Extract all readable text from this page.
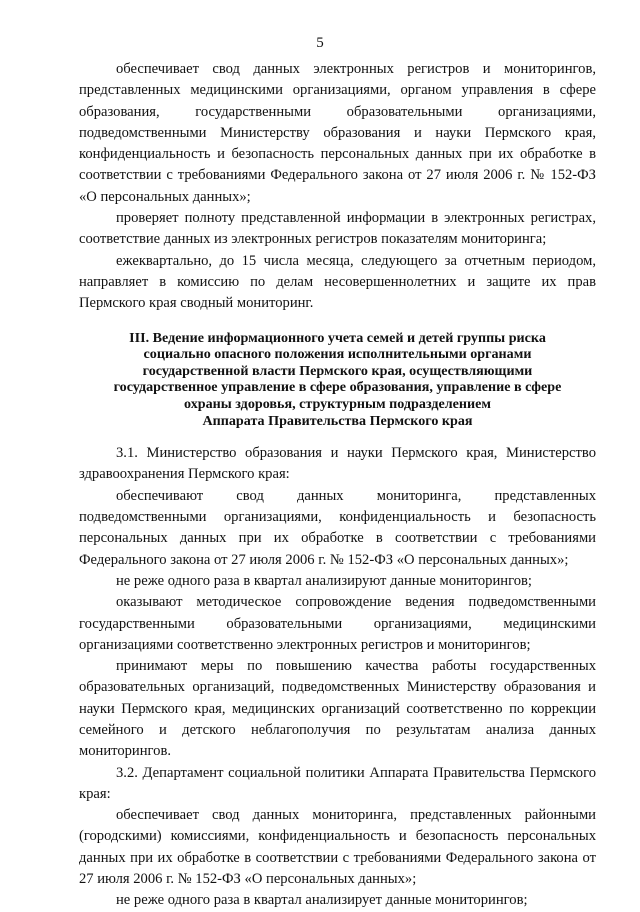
5

обеспечивает свод данных электронных регистров и мониторингов, представленных медицинскими организациями, органом управления в сфере образования, государственными образовательными организациями, подведомственными Министерству образования и науки Пермского края, конфиденциальность и безопасность персональных данных при их обработке в соответствии с требованиями Федерального закона от 27 июля 2006 г. № 152-ФЗ «О персональных данных»;

проверяет полноту представленной информации в электронных регистрах, соответствие данных из электронных регистров показателям мониторинга;

ежеквартально, до 15 числа месяца, следующего за отчетным периодом, направляет в комиссию по делам несовершеннолетних и защите их прав Пермского края сводный мониторинг.

III. Ведение информационного учета семей и детей группы риска
социально опасного положения исполнительными органами
государственной власти Пермского края, осуществляющими
государственное управление в сфере образования, управление в сфере
охраны здоровья, структурным подразделением
Аппарата Правительства Пермского края

3.1. Министерство образования и науки Пермского края, Министерство здравоохранения Пермского края:

обеспечивают свод данных мониторинга, представленных подведомственными организациями, конфиденциальность и безопасность персональных данных при их обработке в соответствии с требованиями Федерального закона от 27 июля 2006 г. № 152-ФЗ «О персональных данных»;

не реже одного раза в квартал анализируют данные мониторингов;

оказывают методическое сопровождение ведения подведомственными государственными образовательными организациями, медицинскими организациями соответственно электронных регистров и мониторингов;

принимают меры по повышению качества работы государственных образовательных организаций, подведомственных Министерству образования и науки Пермского края, медицинских организаций соответственно по коррекции семейного и детского неблагополучия по результатам анализа данных мониторингов.

3.2. Департамент социальной политики Аппарата Правительства Пермского края:

обеспечивает свод данных мониторинга, представленных районными (городскими) комиссиями, конфиденциальность и безопасность персональных данных при их обработке в соответствии с требованиями Федерального закона от 27 июля 2006 г. № 152-ФЗ «О персональных данных»;

не реже одного раза в квартал анализирует данные мониторингов;
